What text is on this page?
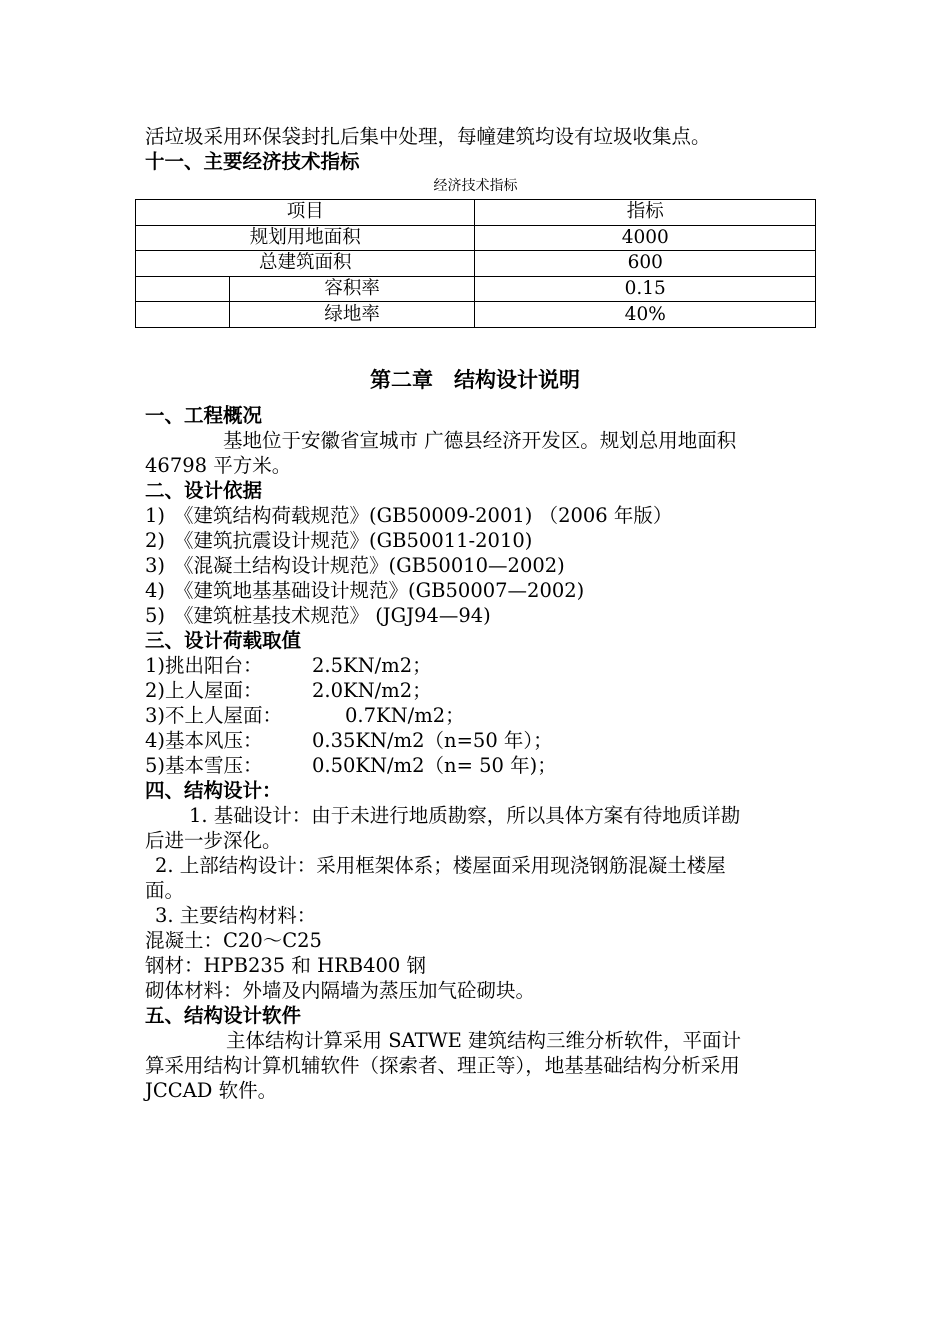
活垃圾采用环保袋封扎后集中处理，每幢建筑均设有垃圾收集点。
十一、主要经济技术指标
经济技术指标
项目		指标
规划用地面积		4000
总建筑面积		600
	容积率	0.15
	绿地率	40%
第二章　结构设计说明
一、工程概况
基地位于安徽省宣城市 广德县经济开发区。规划总用地面积
46798 平方米。
二、设计依据
1) 《建筑结构荷载规范》(GB50009-2001) （2006 年版）
2) 《建筑抗震设计规范》(GB50011-2010)
3) 《混凝土结构设计规范》(GB50010—2002)
4) 《建筑地基基础设计规范》(GB50007—2002)
5) 《建筑桩基技术规范》 (JGJ94—94)
三、设计荷载取值
1)挑出阳台：	2.5KN/m2；
2)上人屋面：	2.0KN/m2；
3)不上人屋面：	0.7KN/m2；
4)基本风压：	0.35KN/m2（n=50 年）；
5)基本雪压：	0.50KN/m2（n= 50 年)；
四、结构设计：
1. 基础设计：由于未进行地质勘察，所以具体方案有待地质详勘
后进一步深化。
2. 上部结构设计：采用框架体系；楼屋面采用现浇钢筋混凝土楼屋
面。
3. 主要结构材料：
混凝土：C20～C25
钢材：HPB235 和 HRB400 钢
砌体材料：外墙及内隔墙为蒸压加气砼砌块。
五、结构设计软件
主体结构计算采用 SATWE 建筑结构三维分析软件，平面计
算采用结构计算机辅软件（探索者、理正等），地基基础结构分析采用
JCCAD 软件。
